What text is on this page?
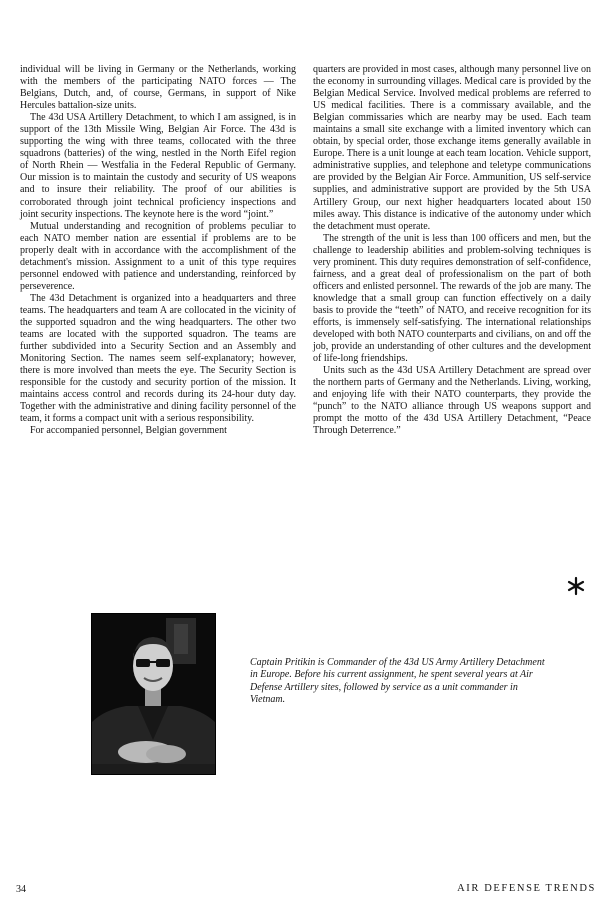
individual will be living in Germany or the Netherlands, working with the members of the participating NATO forces — The Belgians, Dutch, and, of course, Germans, in support of Nike Hercules battalion-size units.

The 43d USA Artillery Detachment, to which I am assigned, is in support of the 13th Missile Wing, Belgian Air Force. The 43d is supporting the wing with three teams, collocated with the three squadrons (batteries) of the wing, nestled in the North Eifel region of North Rhein — Westfalia in the Federal Republic of Germany. Our mission is to maintain the custody and security of US weapons and to insure their reliability. The proof of our abilities is corroborated through joint technical proficiency inspections and joint security inspections. The keynote here is the word “joint.”

Mutual understanding and recognition of problems peculiar to each NATO member nation are essential if problems are to be properly dealt with in accordance with the accomplishment of the detachment's mission. Assignment to a unit of this type requires personnel endowed with patience and understanding, reinforced by perseverence.

The 43d Detachment is organized into a headquarters and three teams. The headquarters and team A are collocated in the vicinity of the supported squadron and the wing headquarters. The other two teams are located with the supported squadron. The teams are further subdivided into a Security Section and an Assembly and Monitoring Section. The names seem self-explanatory; however, there is more involved than meets the eye. The Security Section is responsible for the custody and security portion of the mission. It maintains access control and records during its 24-hour duty day. Together with the administrative and dining facility personnel of the team, it forms a compact unit with a serious responsibility.

For accompanied personnel, Belgian government

quarters are provided in most cases, although many personnel live on the economy in surrounding villages. Medical care is provided by the Belgian Medical Service. Involved medical problems are referred to US medical facilities. There is a commissary available, and the Belgian commissaries which are nearby may be used. Each team maintains a small site exchange with a limited inventory which can obtain, by special order, those exchange items generally available in Europe. There is a unit lounge at each team location. Vehicle support, administrative supplies, and telephone and teletype communications are provided by the Belgian Air Force. Ammunition, US self-service supplies, and administrative support are provided by the 5th USA Artillery Group, our next higher headquarters located about 150 miles away. This distance is indicative of the autonomy under which the detachment must operate.

The strength of the unit is less than 100 officers and men, but the challenge to leadership abilities and problem-solving techniques is very prominent. This duty requires demonstration of self-confidence, fairness, and a great deal of professionalism on the part of both officers and enlisted personnel. The rewards of the job are many. The knowledge that a small group can function effectively on a daily basis to provide the “teeth” of NATO, and receive recognition for its efforts, is immensely self-satisfying. The international relationships developed with both NATO counterparts and civilians, on and off the job, provide an understanding of other cultures and the development of life-long friendships.

Units such as the 43d USA Artillery Detachment are spread over the northern parts of Germany and the Netherlands. Living, working, and enjoying life with their NATO counterparts, they provide the “punch” to the NATO alliance through US weapons support and prompt the motto of the 43d USA Artillery Detachment, “Peace Through Deterrence.”

Captain Pritikin is Commander of the 43d US Army Artillery Detachment in Europe. Before his current assignment, he spent several years at Air Defense Artillery sites, followed by service as a unit commander in Vietnam.
34	AIR DEFENSE TRENDS
